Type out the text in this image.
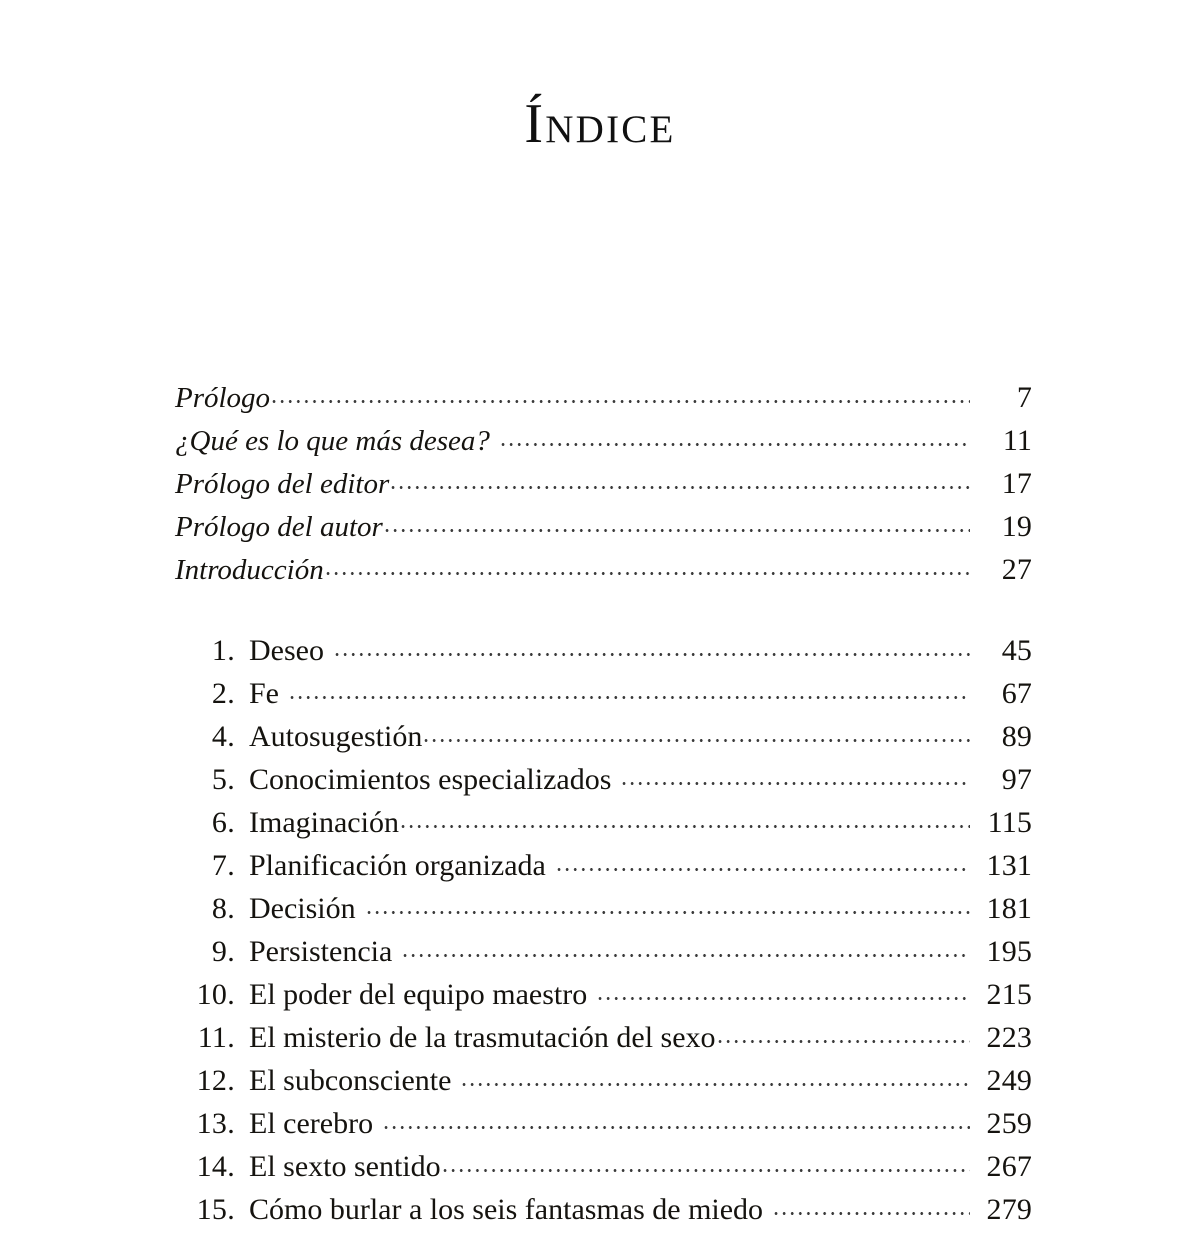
Índice
Prólogo	7
¿Qué es lo que más desea?	11
Prólogo del editor	17
Prólogo del autor	19
Introducción	27
1. Deseo	45
2. Fe	67
4. Autosugestión	89
5. Conocimientos especializados	97
6. Imaginación	115
7. Planificación organizada	131
8. Decisión	181
9. Persistencia	195
10. El poder del equipo maestro	215
11. El misterio de la trasmutación del sexo	223
12. El subconsciente	249
13. El cerebro	259
14. El sexto sentido	267
15. Cómo burlar a los seis fantasmas de miedo	279
